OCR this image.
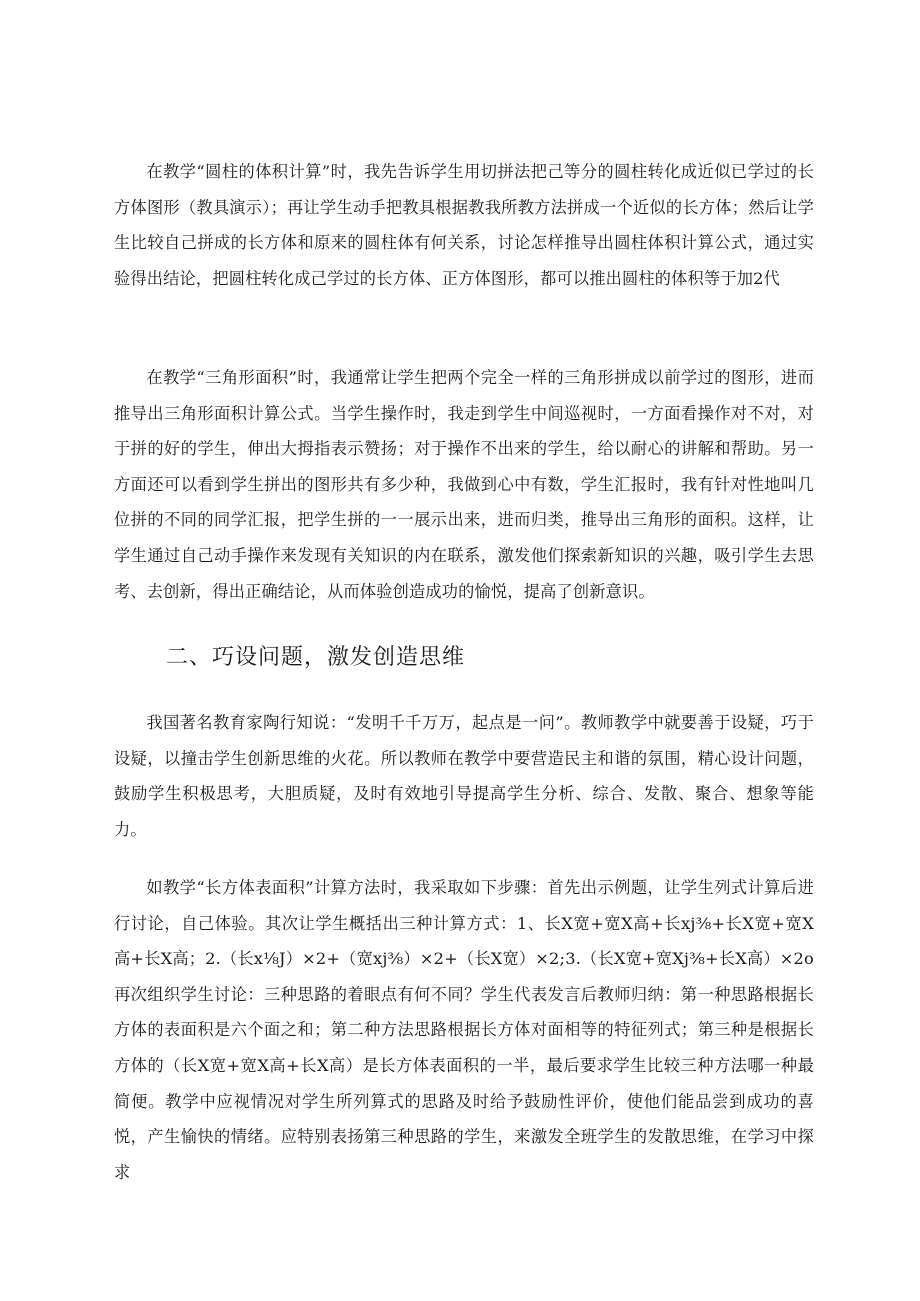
在教学“圆柱的体积计算”时，我先告诉学生用切拼法把己等分的圆柱转化成近似已学过的长方体图形（教具演示）；再让学生动手把教具根据教我所教方法拼成一个近似的长方体；然后让学生比较自己拼成的长方体和原来的圆柱体有何关系，讨论怎样推导出圆柱体积计算公式，通过实验得出结论，把圆柱转化成己学过的长方体、正方体图形，都可以推出圆柱的体积等于加2代

在教学“三角形面积”时，我通常让学生把两个完全一样的三角形拼成以前学过的图形，进而推导出三角形面积计算公式。当学生操作时，我走到学生中间巡视时，一方面看操作对不对，对于拼的好的学生，伸出大拇指表示赞扬；对于操作不出来的学生，给以耐心的讲解和帮助。另一方面还可以看到学生拼出的图形共有多少种，我做到心中有数，学生汇报时，我有针对性地叫几位拼的不同的同学汇报，把学生拼的一一展示出来，进而归类，推导出三角形的面积。这样，让学生通过自己动手操作来发现有关知识的内在联系，激发他们探索新知识的兴趣，吸引学生去思考、去创新，得出正确结论，从而体验创造成功的愉悦，提高了创新意识。

二、巧设问题，激发创造思维

我国著名教育家陶行知说：“发明千千万万，起点是一问”。教师教学中就要善于设疑，巧于设疑，以撞击学生创新思维的火花。所以教师在教学中要营造民主和谐的氛围，精心设计问题，鼓励学生积极思考，大胆质疑，及时有效地引导提高学生分析、综合、发散、聚合、想象等能力。

如教学“长方体表面积”计算方法时，我采取如下步骤：首先出示例题，让学生列式计算后进行讨论，自己体验。其次让学生概括出三种计算方式：1、长X宽+宽X高+长xj⅜+长X宽+宽X高+长X高；2.（长x⅛J）×2+（宽xj⅜）×2+（长X宽）×2;3.（长X宽+宽Xj⅜+长X高）×2o再次组织学生讨论：三种思路的着眼点有何不同？学生代表发言后教师归纳：第一种思路根据长方体的表面积是六个面之和；第二种方法思路根据长方体对面相等的特征列式；第三种是根据长方体的（长X宽+宽X高+长X高）是长方体表面积的一半，最后要求学生比较三种方法哪一种最简便。教学中应视情况对学生所列算式的思路及时给予鼓励性评价，使他们能品尝到成功的喜悦，产生愉快的情绪。应特别表扬第三种思路的学生，来激发全班学生的发散思维，在学习中探求
